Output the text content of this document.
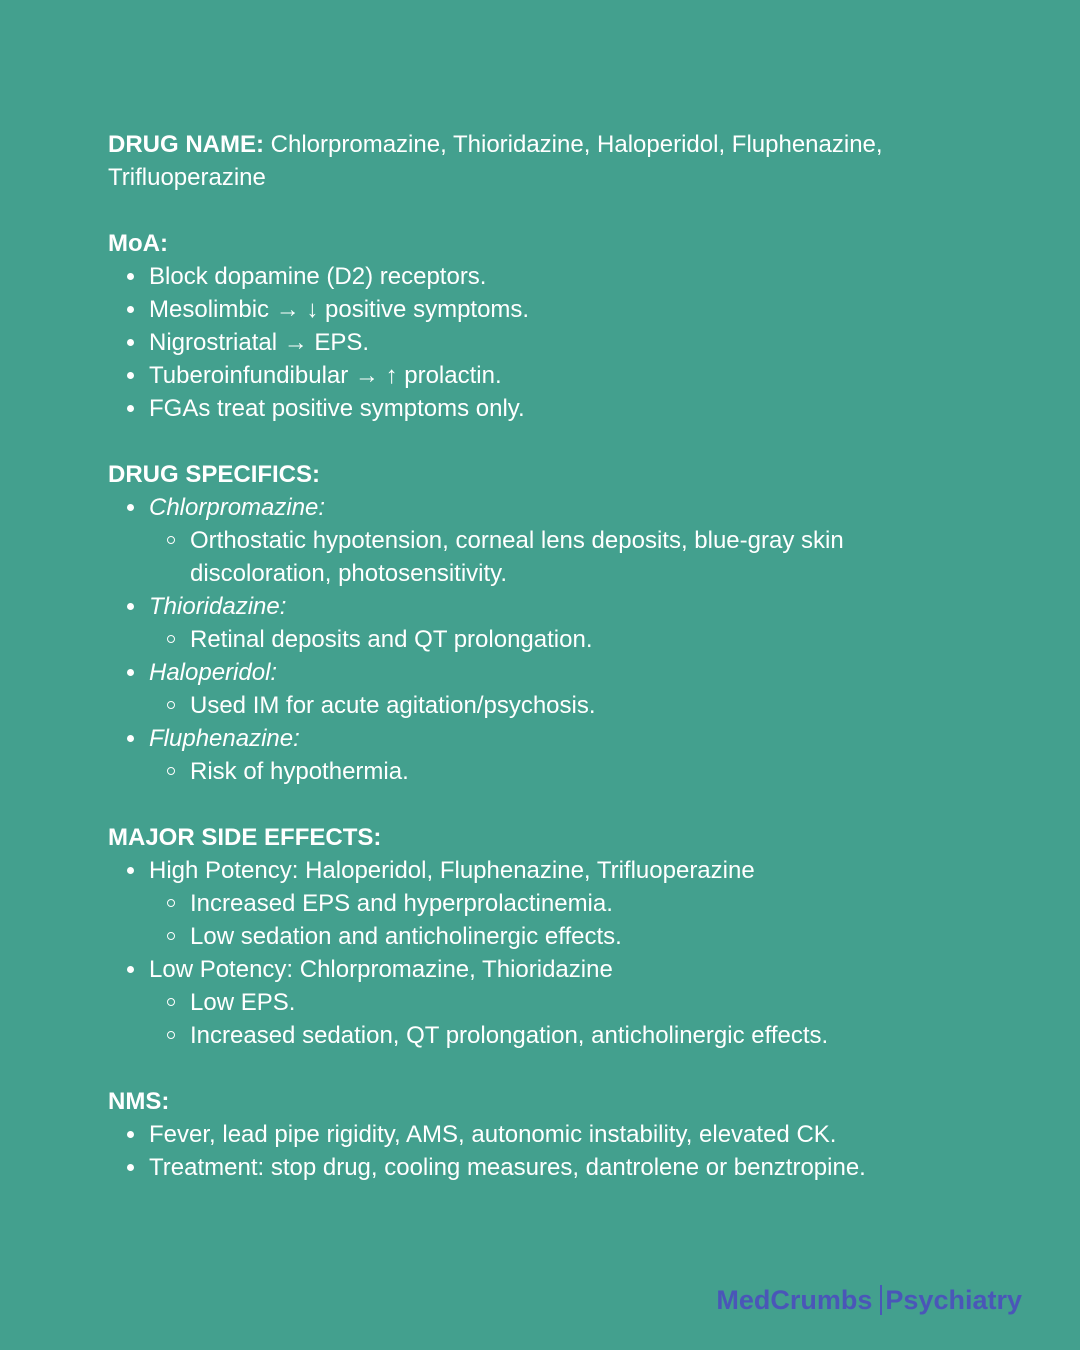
DRUG NAME: Chlorpromazine, Thioridazine, Haloperidol, Fluphenazine, Trifluoperazine

MoA:

Block dopamine (D2) receptors.
Mesolimbic → ↓ positive symptoms.
Nigrostriatal → EPS.
Tuberoinfundibular → ↑ prolactin.
FGAs treat positive symptoms only.

DRUG SPECIFICS:

Chlorpromazine:
Orthostatic hypotension, corneal lens deposits, blue-gray skin discoloration, photosensitivity.
Thioridazine:
Retinal deposits and QT prolongation.
Haloperidol:
Used IM for acute agitation/psychosis.
Fluphenazine:
Risk of hypothermia.

MAJOR SIDE EFFECTS:

High Potency: Haloperidol, Fluphenazine, Trifluoperazine
Increased EPS and hyperprolactinemia.
Low sedation and anticholinergic effects.
Low Potency: Chlorpromazine, Thioridazine
Low EPS.
Increased sedation, QT prolongation, anticholinergic effects.

NMS:

Fever, lead pipe rigidity, AMS, autonomic instability, elevated CK.
Treatment: stop drug, cooling measures, dantrolene or benztropine.
MedCrumbs Psychiatry
